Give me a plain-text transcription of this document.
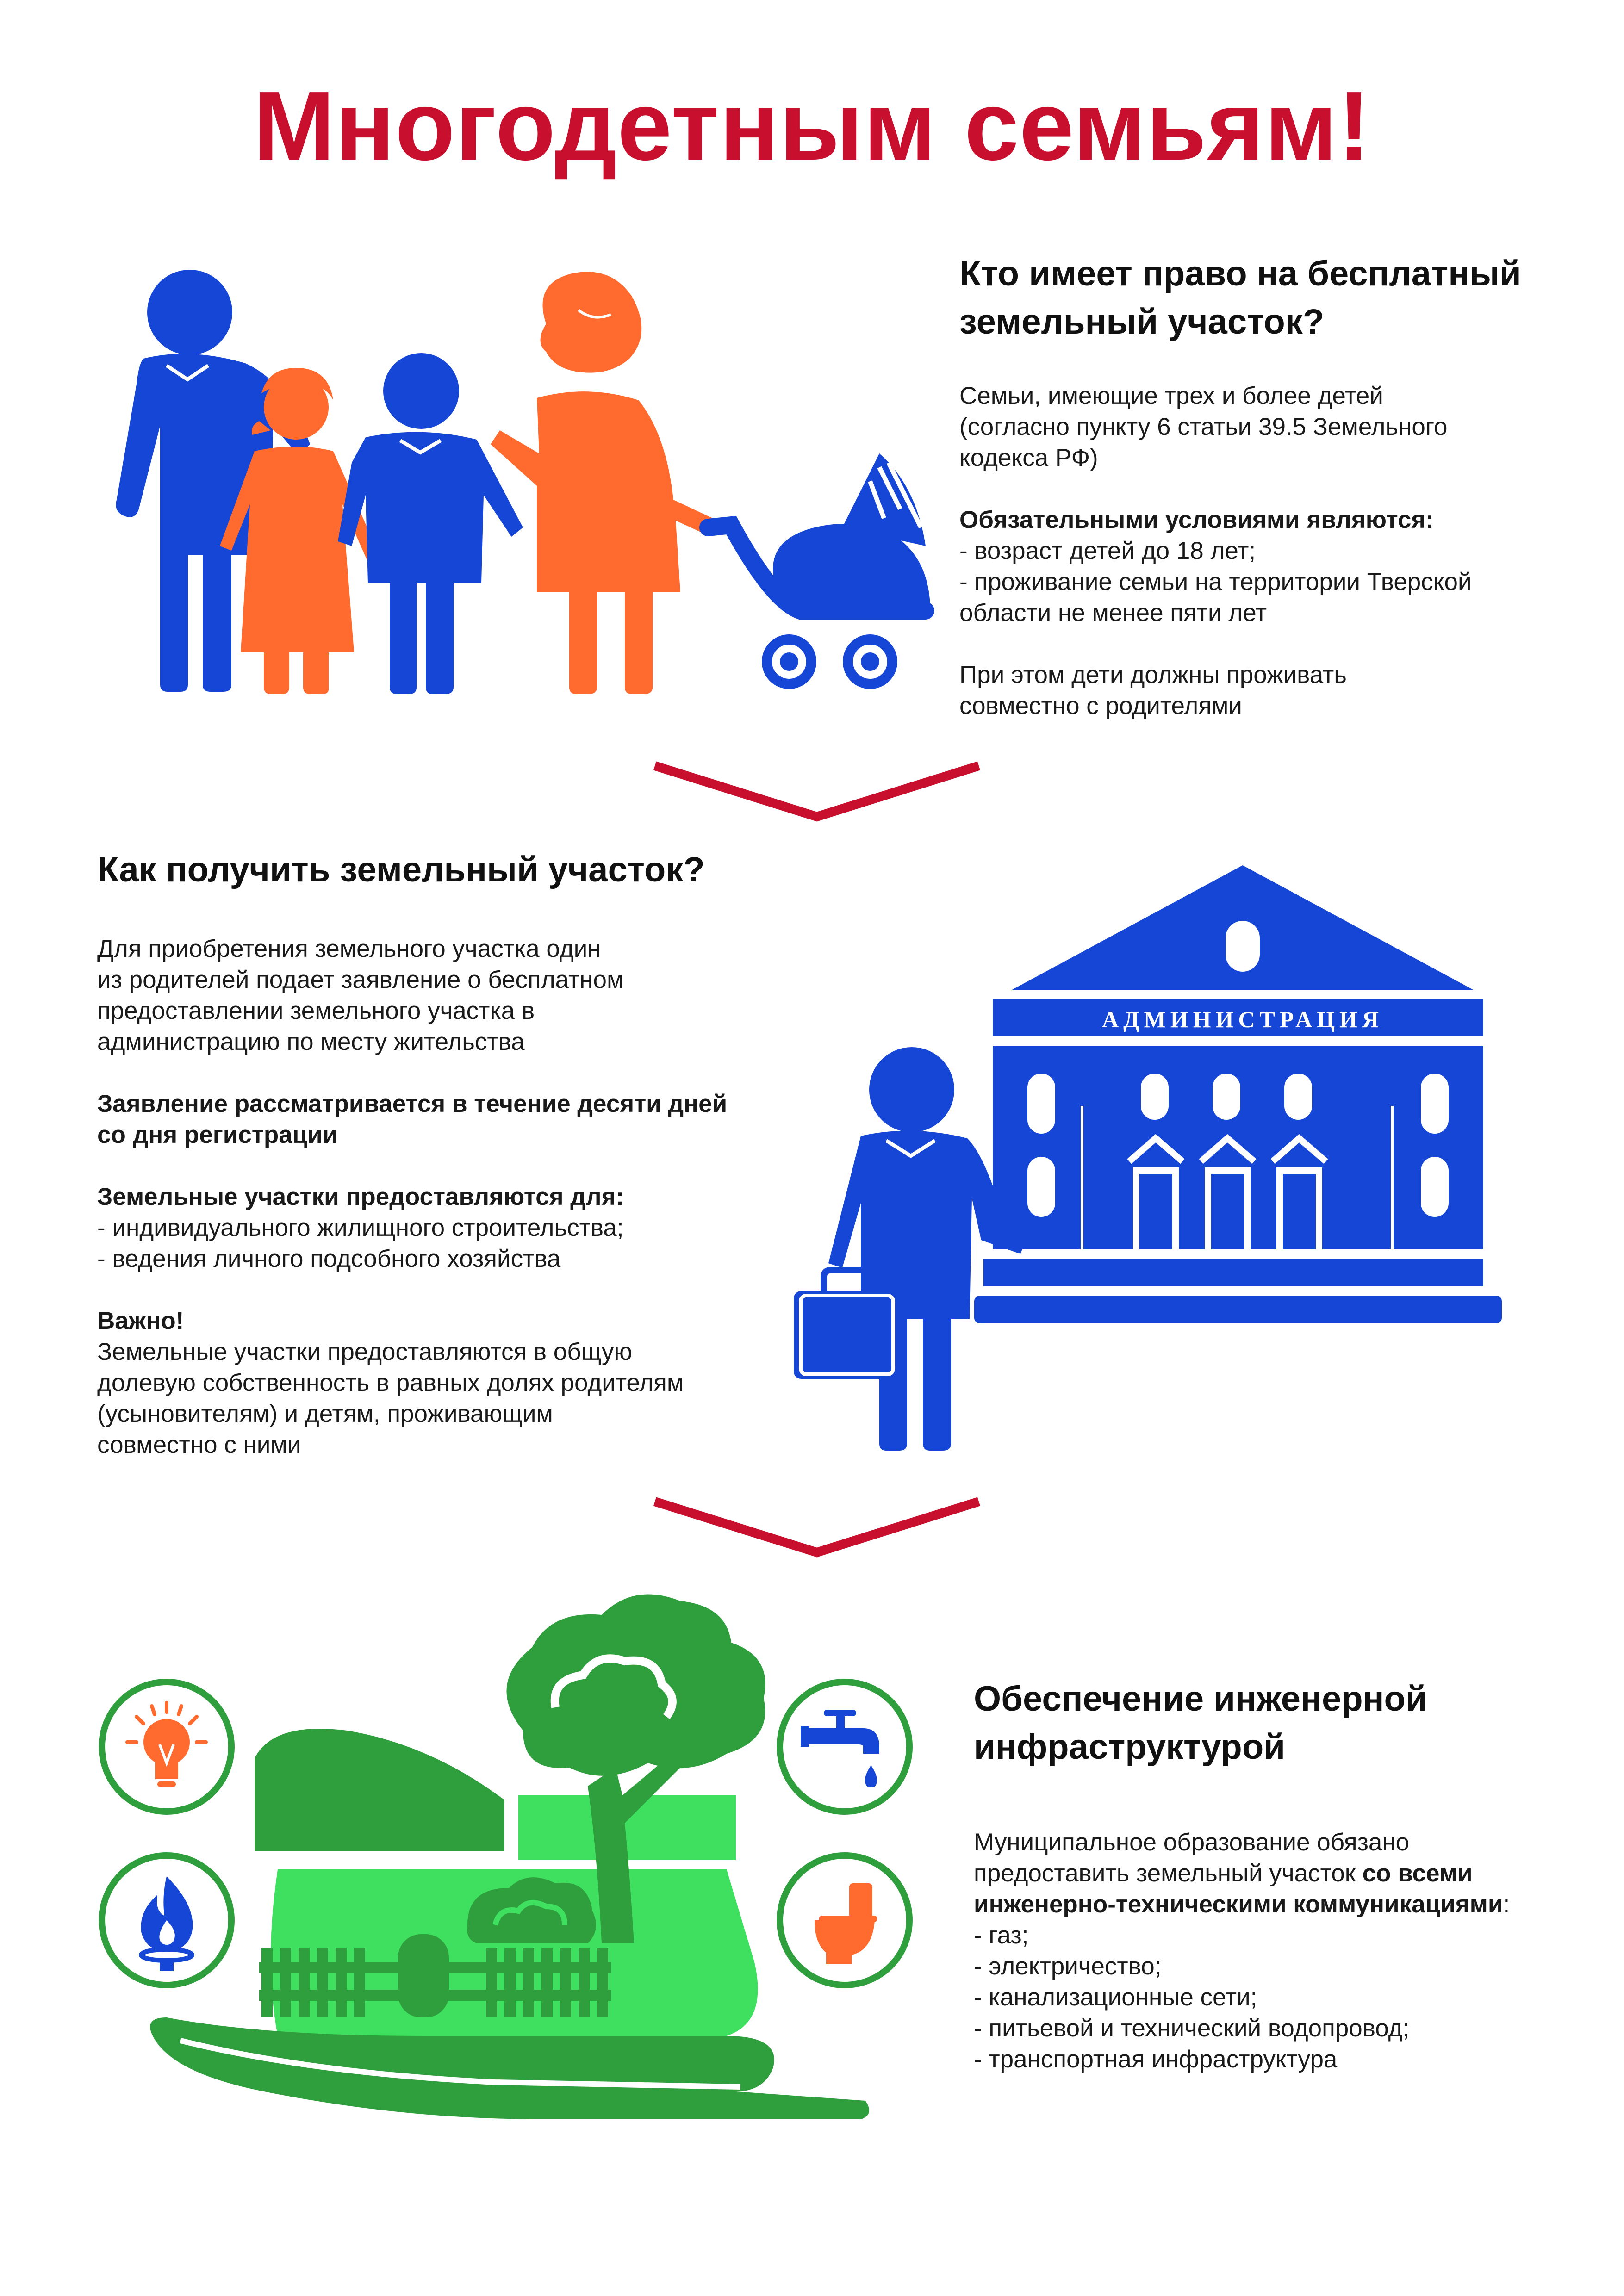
Многодетным семьям!
Кто имеет право на бесплатный
земельный участок?

Семьи, имеющие трех и более детей
(согласно пункту 6 статьи 39.5 Земельного
кодекса РФ)

Обязательными условиями являются:
- возраст детей до 18 лет;
- проживание семьи на территории Тверской
области не менее пяти лет

При этом дети должны проживать
совместно с родителями

Как получить земельный участок?

Для приобретения земельного участка один
из родителей подает заявление о бесплатном
предоставлении земельного участка в
администрацию по месту жительства

Заявление рассматривается в течение десяти дней
со дня регистрации

Земельные участки предоставляются для:
- индивидуального жилищного строительства;
- ведения личного подсобного хозяйства

Важно!
Земельные участки предоставляются в общую
долевую собственность в равных долях родителям
(усыновителям) и детям, проживающим
совместно с ними

АДМИНИСТРАЦИЯ
Обеспечение инженерной
инфраструктурой

Муниципальное образование обязано
предоставить земельный участок со всеми
инженерно-техническими коммуникациями:
- газ;
- электричество;
- канализационные сети;
- питьевой и технический водопровод;
- транспортная инфраструктура
